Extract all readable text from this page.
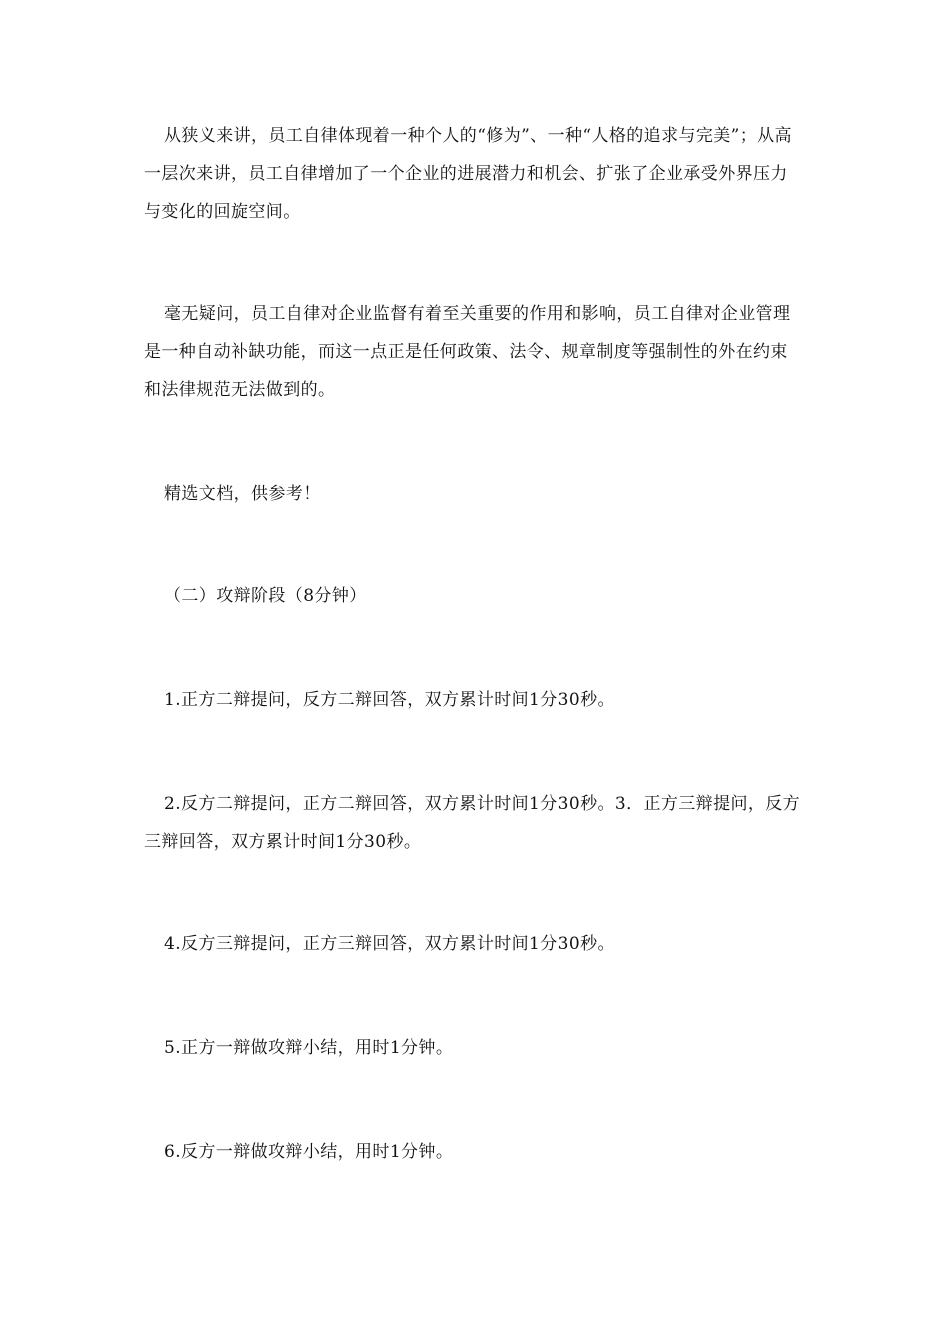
从狭义来讲，员工自律体现着一种个人的“修为”、一种“人格的追求与完美”；从高一层次来讲，员工自律增加了一个企业的进展潜力和机会、扩张了企业承受外界压力与变化的回旋空间。

毫无疑问，员工自律对企业监督有着至关重要的作用和影响，员工自律对企业管理是一种自动补缺功能，而这一点正是任何政策、法令、规章制度等强制性的外在约束和法律规范无法做到的。

精选文档，供参考！

（二）攻辩阶段（8分钟）

1.正方二辩提问，反方二辩回答，双方累计时间1分30秒。

2.反方二辩提问，正方二辩回答，双方累计时间1分30秒。3．正方三辩提问，反方三辩回答，双方累计时间1分30秒。

4.反方三辩提问，正方三辩回答，双方累计时间1分30秒。

5.正方一辩做攻辩小结，用时1分钟。

6.反方一辩做攻辩小结，用时1分钟。
